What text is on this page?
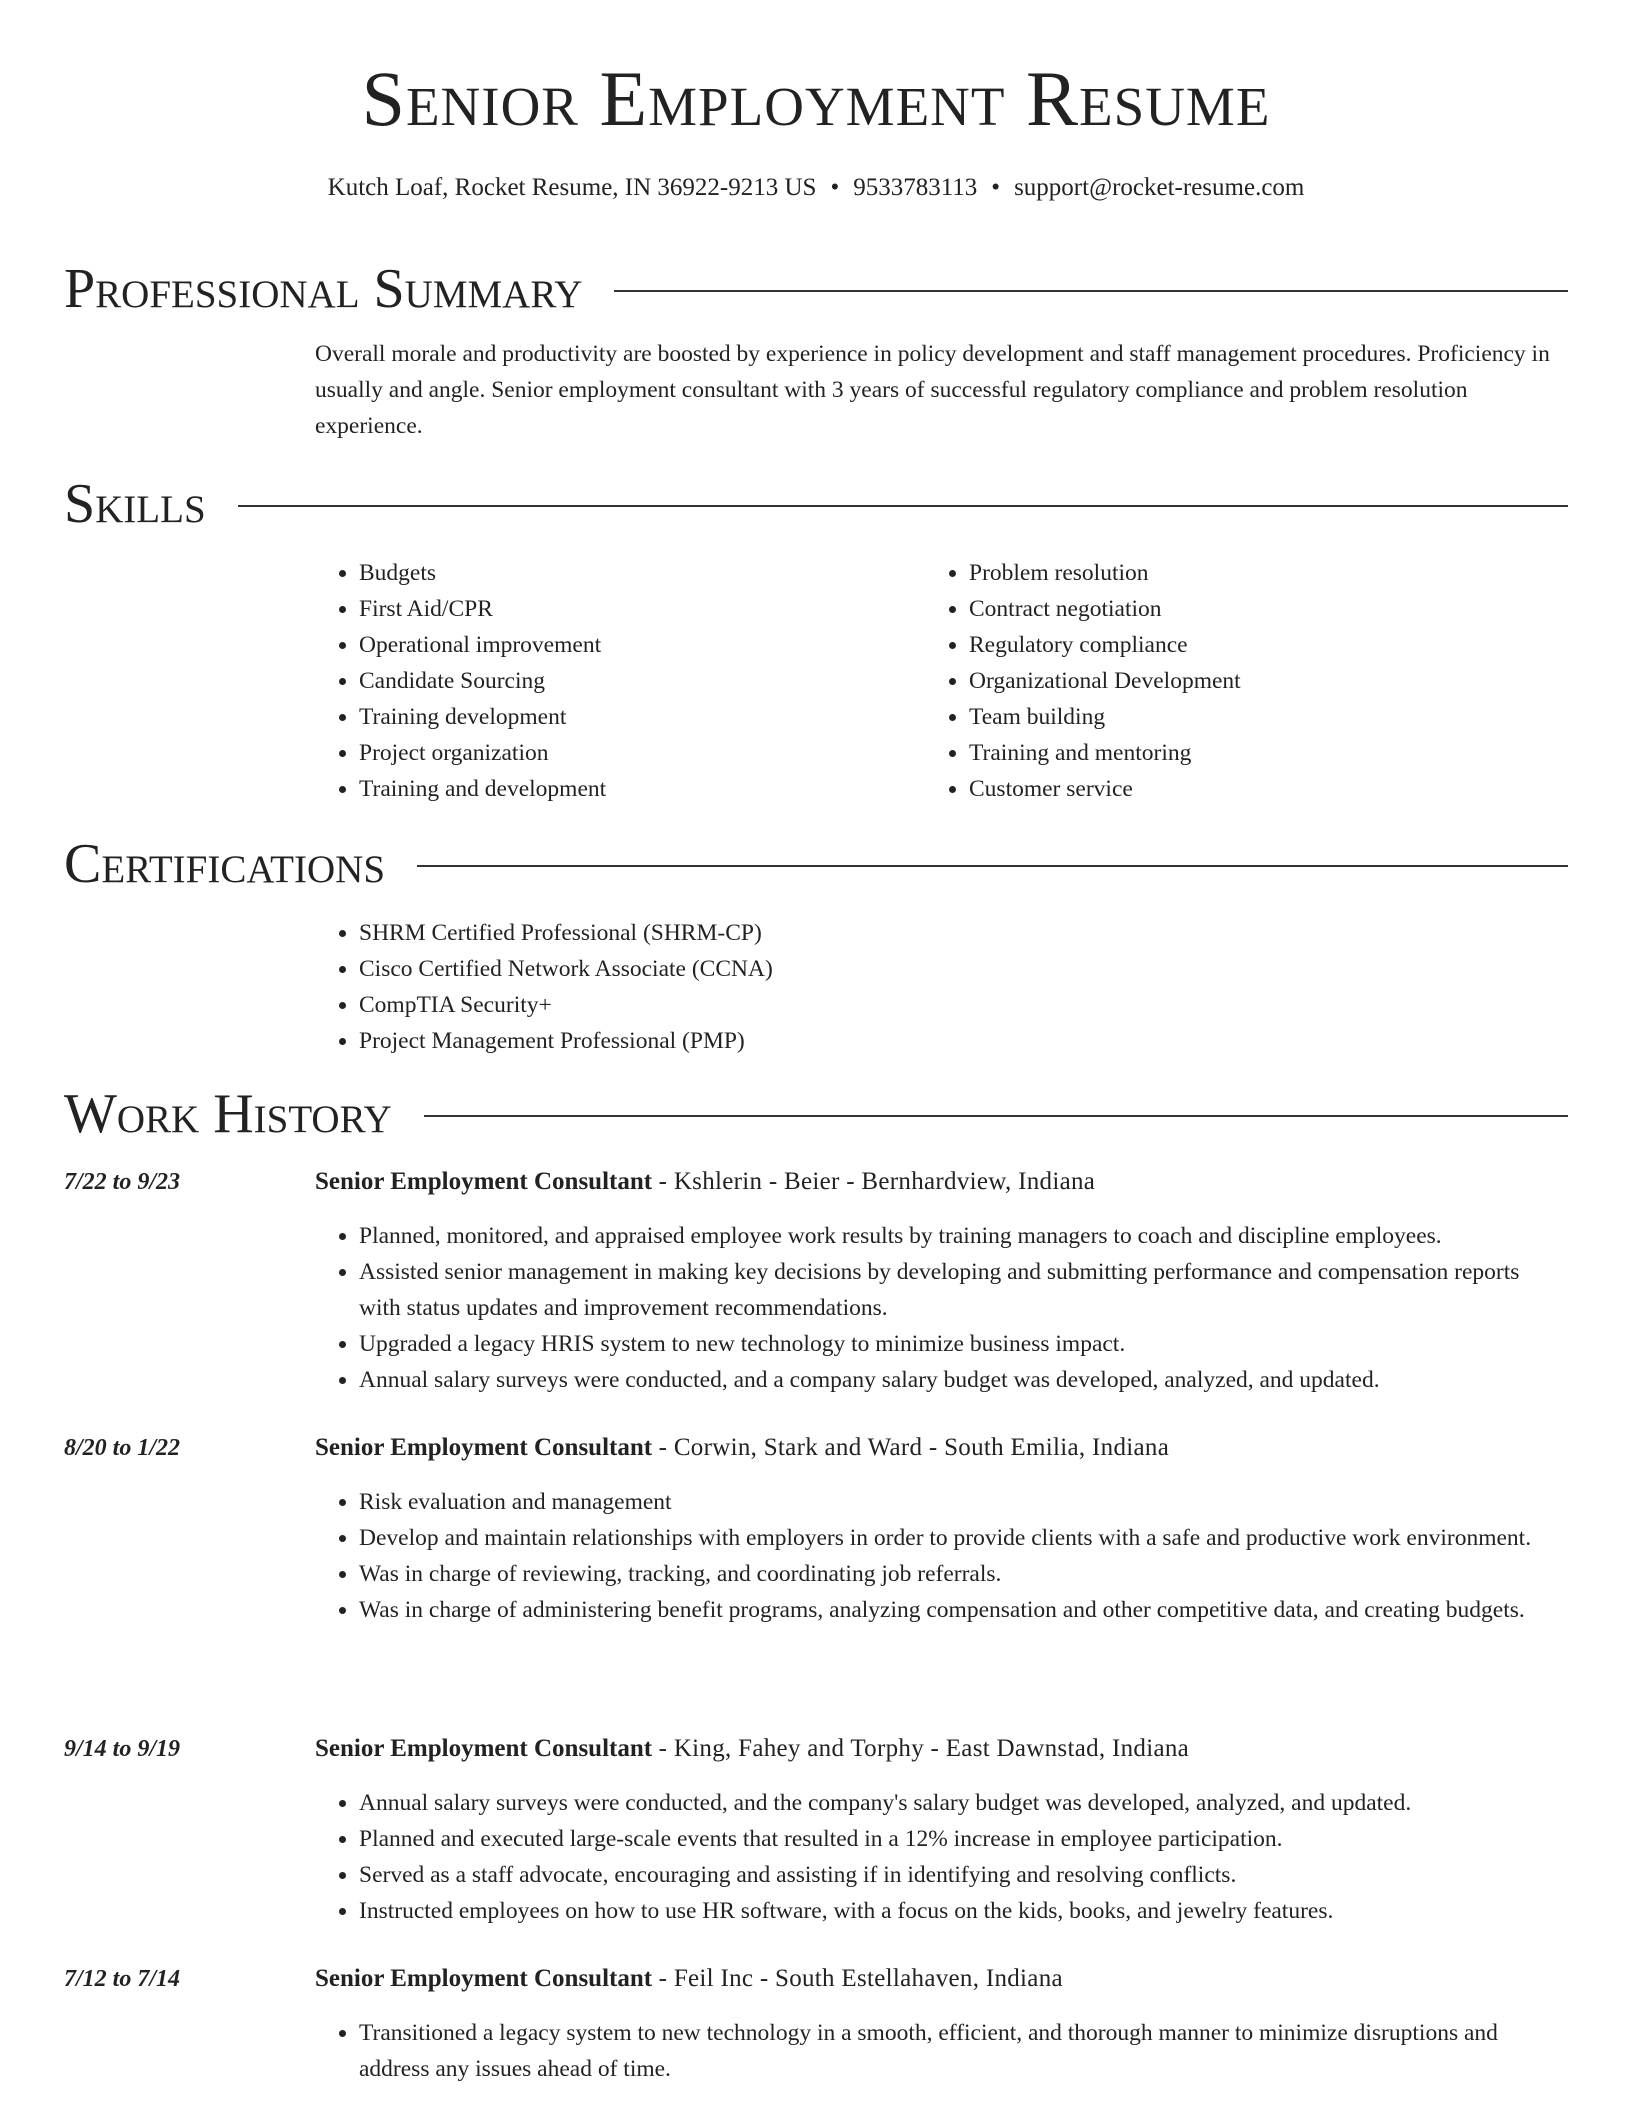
Senior Employment Resume
Kutch Loaf, Rocket Resume, IN 36922-9213 US • 9533783113 • support@rocket-resume.com
Professional Summary
Overall morale and productivity are boosted by experience in policy development and staff management procedures. Proficiency in usually and angle. Senior employment consultant with 3 years of successful regulatory compliance and problem resolution experience.
Skills
• Budgets
• First Aid/CPR
• Operational improvement
• Candidate Sourcing
• Training development
• Project organization
• Training and development
• Problem resolution
• Contract negotiation
• Regulatory compliance
• Organizational Development
• Team building
• Training and mentoring
• Customer service
Certifications
• SHRM Certified Professional (SHRM-CP)
• Cisco Certified Network Associate (CCNA)
• CompTIA Security+
• Project Management Professional (PMP)
Work History
7/22 to 9/23	Senior Employment Consultant - Kshlerin - Beier - Bernhardview, Indiana
• Planned, monitored, and appraised employee work results by training managers to coach and discipline employees.
• Assisted senior management in making key decisions by developing and submitting performance and compensation reports with status updates and improvement recommendations.
• Upgraded a legacy HRIS system to new technology to minimize business impact.
• Annual salary surveys were conducted, and a company salary budget was developed, analyzed, and updated.
8/20 to 1/22	Senior Employment Consultant - Corwin, Stark and Ward - South Emilia, Indiana
• Risk evaluation and management
• Develop and maintain relationships with employers in order to provide clients with a safe and productive work environment.
• Was in charge of reviewing, tracking, and coordinating job referrals.
• Was in charge of administering benefit programs, analyzing compensation and other competitive data, and creating budgets.
9/14 to 9/19	Senior Employment Consultant - King, Fahey and Torphy - East Dawnstad, Indiana
• Annual salary surveys were conducted, and the company's salary budget was developed, analyzed, and updated.
• Planned and executed large-scale events that resulted in a 12% increase in employee participation.
• Served as a staff advocate, encouraging and assisting if in identifying and resolving conflicts.
• Instructed employees on how to use HR software, with a focus on the kids, books, and jewelry features.
7/12 to 7/14	Senior Employment Consultant - Feil Inc - South Estellahaven, Indiana
• Transitioned a legacy system to new technology in a smooth, efficient, and thorough manner to minimize disruptions and address any issues ahead of time.
